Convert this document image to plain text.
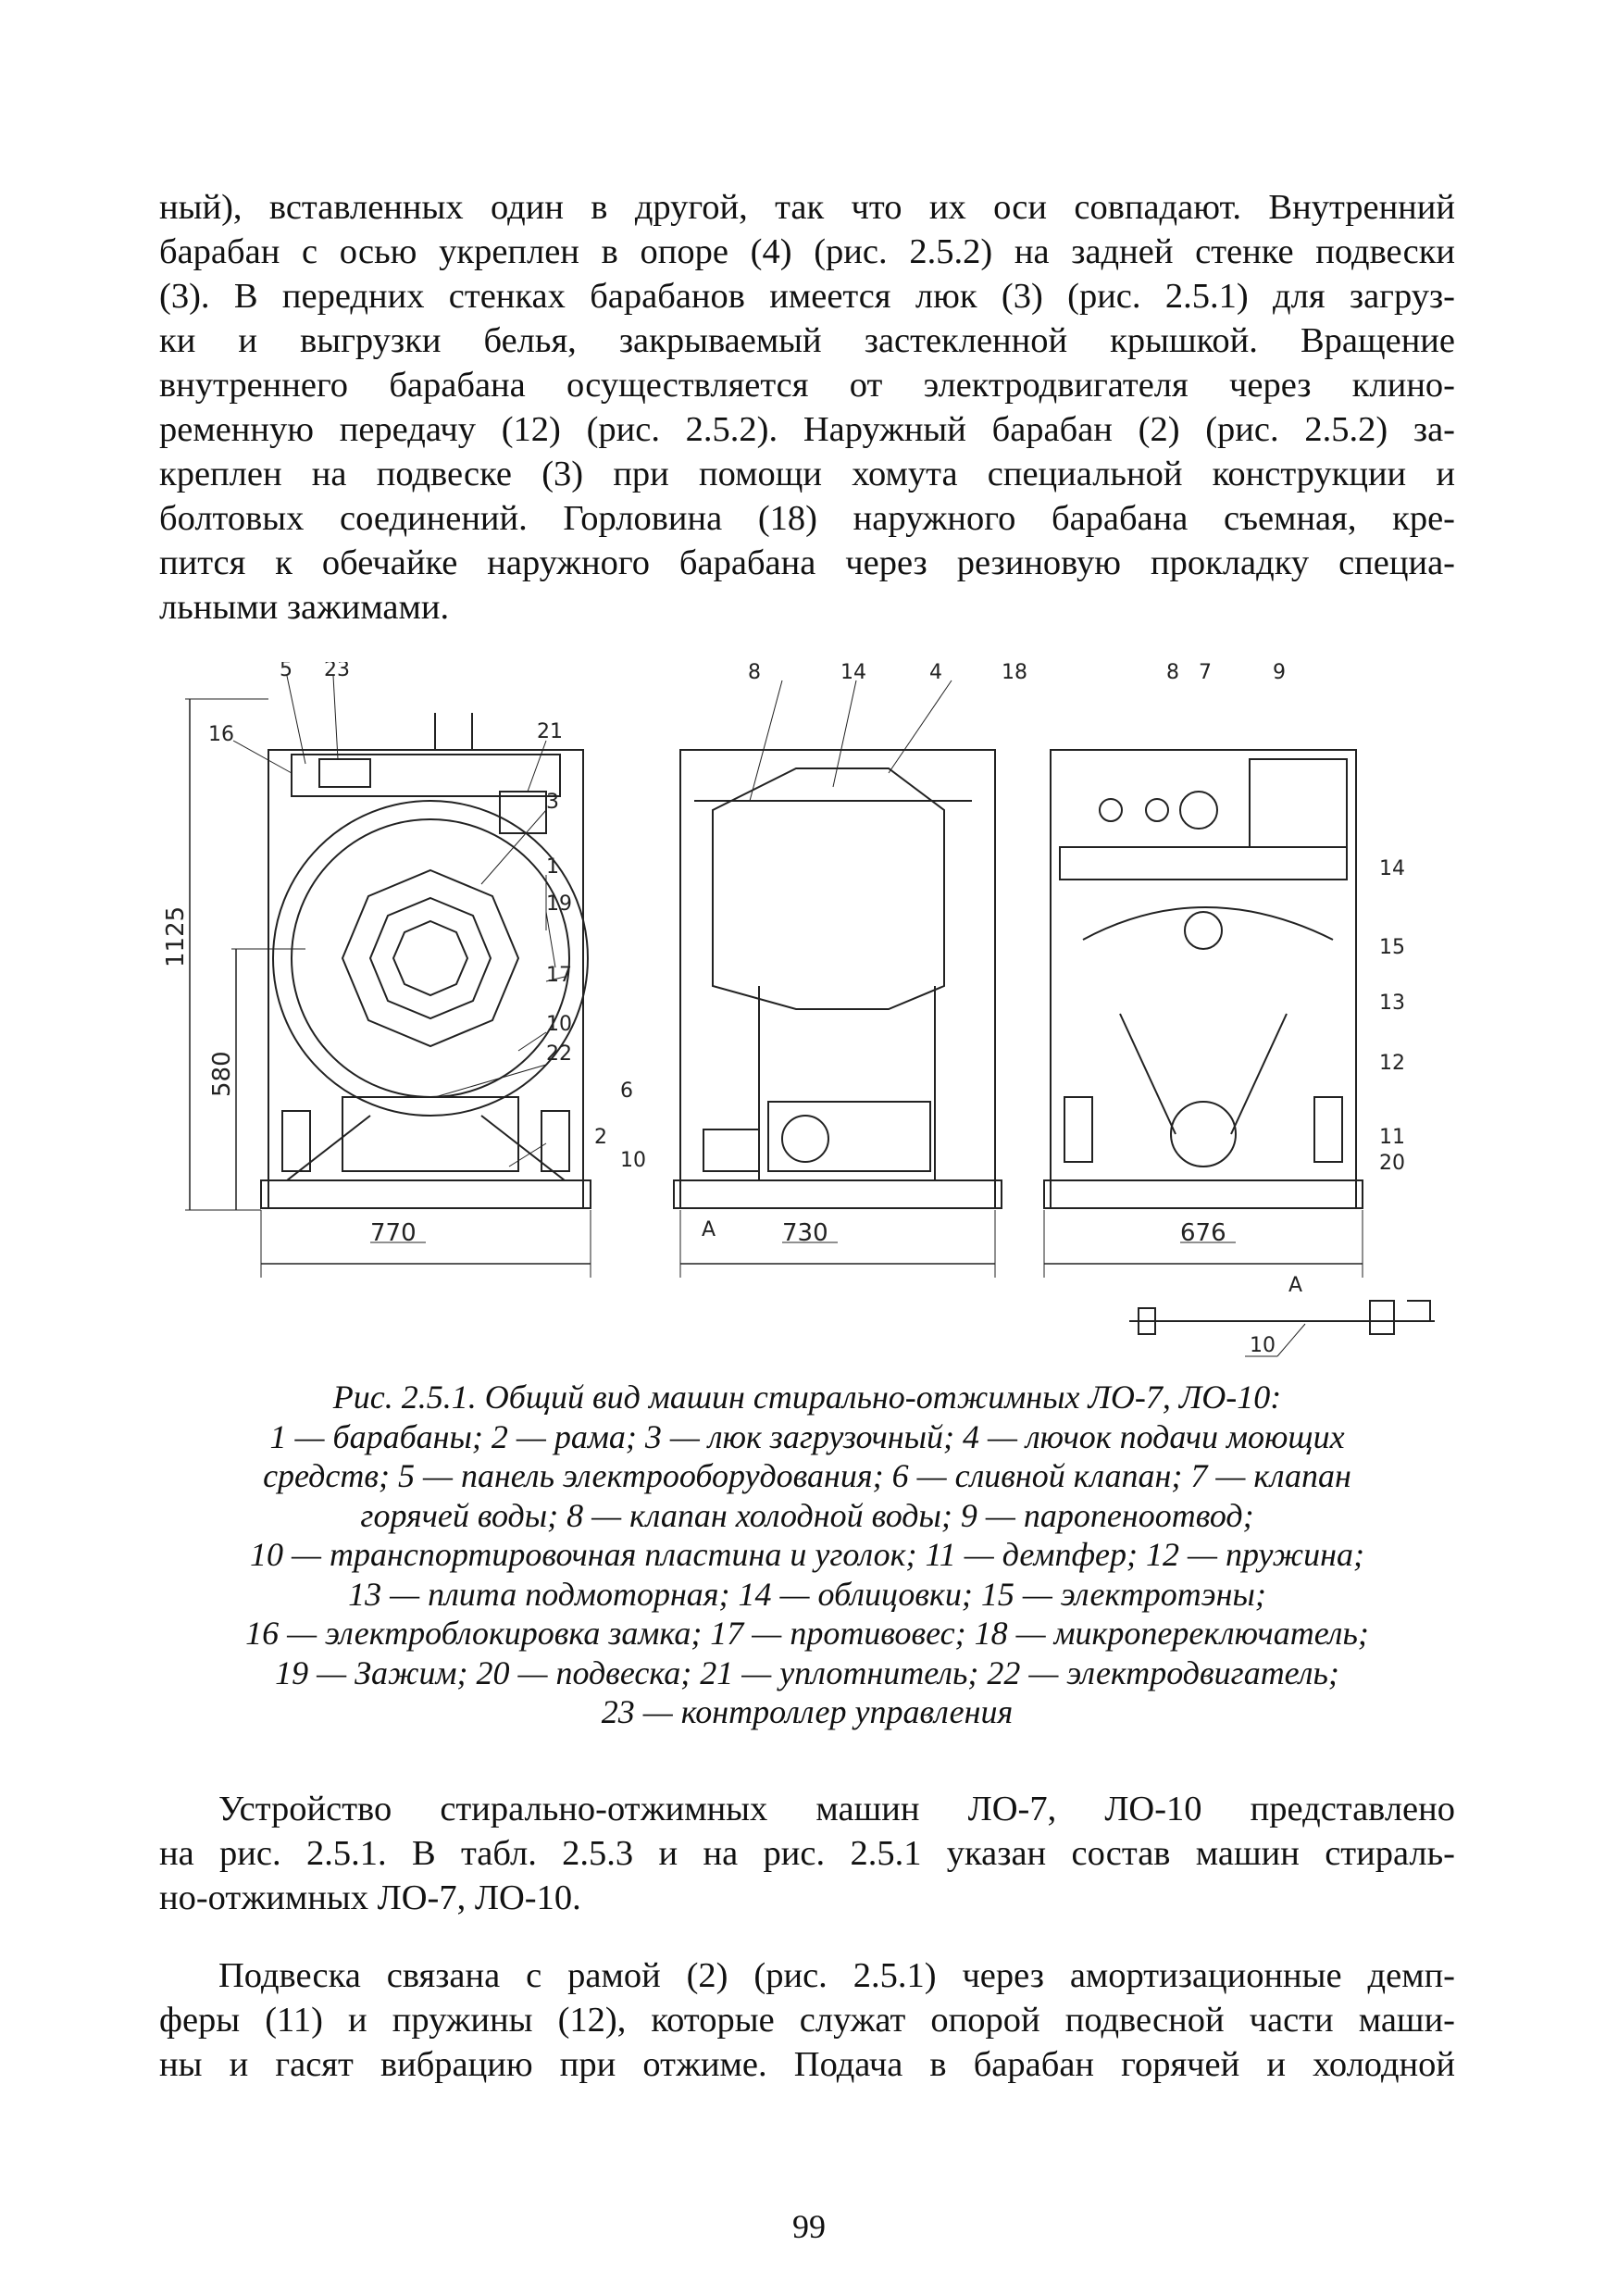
ный), вставленных один в другой, так что их оси совпадают. Внутренний
барабан с осью укреплен в опоре (4) (рис. 2.5.2) на задней стенке подвески
(3). В передних стенках барабанов имеется люк (3) (рис. 2.5.1) для загруз-
ки и выгрузки белья, закрываемый застекленной крышкой. Вращение
внутреннего барабана осуществляется от электродвигателя через клино-
ременную передачу (12) (рис. 2.5.2). Наружный барабан (2) (рис. 2.5.2) за-
креплен на подвеске (3) при помощи хомута специальной конструкции и
болтовых соединений. Горловина (18) наружного барабана съемная, кре-
пится к обечайке наружного барабана через резиновую прокладку специа-
льными зажимами.
5 23
16	21
3
1
19
17
10
22
6
2
10
8	14	4	18
A
8 7	9
14
15
13
12
11
20
A
10
1125
580
770	730	676
Рис. 2.5.1. Общий вид машин стирально-отжимных ЛО-7, ЛО-10:
1 — барабаны; 2 — рама; 3 — люк загрузочный; 4 — лючок подачи моющих
средств; 5 — панель электрооборудования; 6 — сливной клапан; 7 — клапан
горячей воды; 8 — клапан холодной воды; 9 — паропеноотвод;
10 — транспортировочная пластина и уголок; 11 — демпфер; 12 — пружина;
13 — плита подмоторная; 14 — облицовки; 15 — электротэны;
16 — электроблокировка замка; 17 — противовес; 18 — микропереключатель;
19 — Зажим; 20 — подвеска; 21 — уплотнитель; 22 — электродвигатель;
23 — контроллер управления
Устройство стирально-отжимных машин ЛО-7, ЛО-10 представлено
на рис. 2.5.1. В табл. 2.5.3 и на рис. 2.5.1 указан состав машин стираль-
но-отжимных ЛО-7, ЛО-10.
Подвеска связана с рамой (2) (рис. 2.5.1) через амортизационные демп-
феры (11) и пружины (12), которые служат опорой подвесной части маши-
ны и гасят вибрацию при отжиме. Подача в барабан горячей и холодной
99
